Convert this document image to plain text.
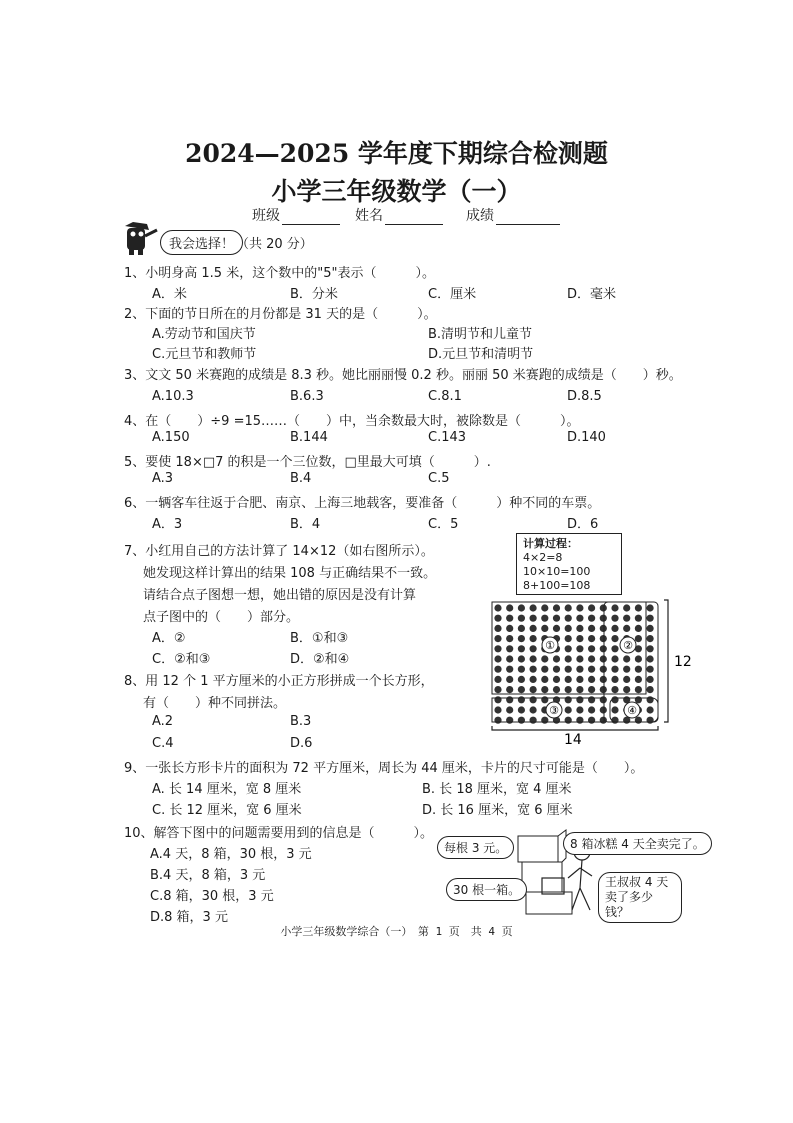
2024—2025 学年度下期综合检测题
小学三年级数学（一）
班级	姓名	成绩
我会选择！ （共 20 分）
1、小明身高 1.5 米，这个数中的"5"表示（　　　）。
A．米	B．分米	C．厘米	D．毫米
2、下面的节日所在的月份都是 31 天的是（　　　）。
A.劳动节和国庆节	B.清明节和儿童节
C.元旦节和教师节	D.元旦节和清明节
3、文文 50 米赛跑的成绩是 8.3 秒。她比丽丽慢 0.2 秒。丽丽 50 米赛跑的成绩是（　　）秒。
A.10.3	B.6.3	C.8.1	D.8.5
4、在（　　）÷9 =15……（　　）中，当余数最大时，被除数是（　　　）。
A.150	B.144	C.143	D.140
5、要使 18×□7 的积是一个三位数，□里最大可填（　　　）.
A.3	B.4	C.5
6、一辆客车往返于合肥、南京、上海三地载客，要准备（　　　）种不同的车票。
A．3	B．4	C．5	D．6
7、小红用自己的方法计算了 14×12（如右图所示）。
她发现这样计算出的结果 108 与正确结果不一致。
请结合点子图想一想，她出错的原因是没有计算
点子图中的（　　）部分。
A．②	B．①和③
C．②和③	D．②和④
计算过程：
4×2=8
10×10=100
8+100=108
①	②
③	④
12
14
8、用 12 个 1 平方厘米的小正方形拼成一个长方形，
有（　　）种不同拼法。
A.2	B.3
C.4	D.6
9、一张长方形卡片的面积为 72 平方厘米，周长为 44 厘米，卡片的尺寸可能是（　　）。
A. 长 14 厘米，宽 8 厘米	B. 长 18 厘米，宽 4 厘米
C. 长 12 厘米，宽 6 厘米	D. 长 16 厘米，宽 6 厘米
10、解答下图中的问题需要用到的信息是（　　　）。
A.4 天，8 箱，30 根，3 元
B.4 天，8 箱，3 元
C.8 箱，30 根，3 元
D.8 箱，3 元
每根 3 元。	8 箱冰糕 4 天全卖完了。
30 根一箱。
王叔叔 4 天卖了多少钱？
小学三年级数学综合（一）　第 1 页　共 4 页
